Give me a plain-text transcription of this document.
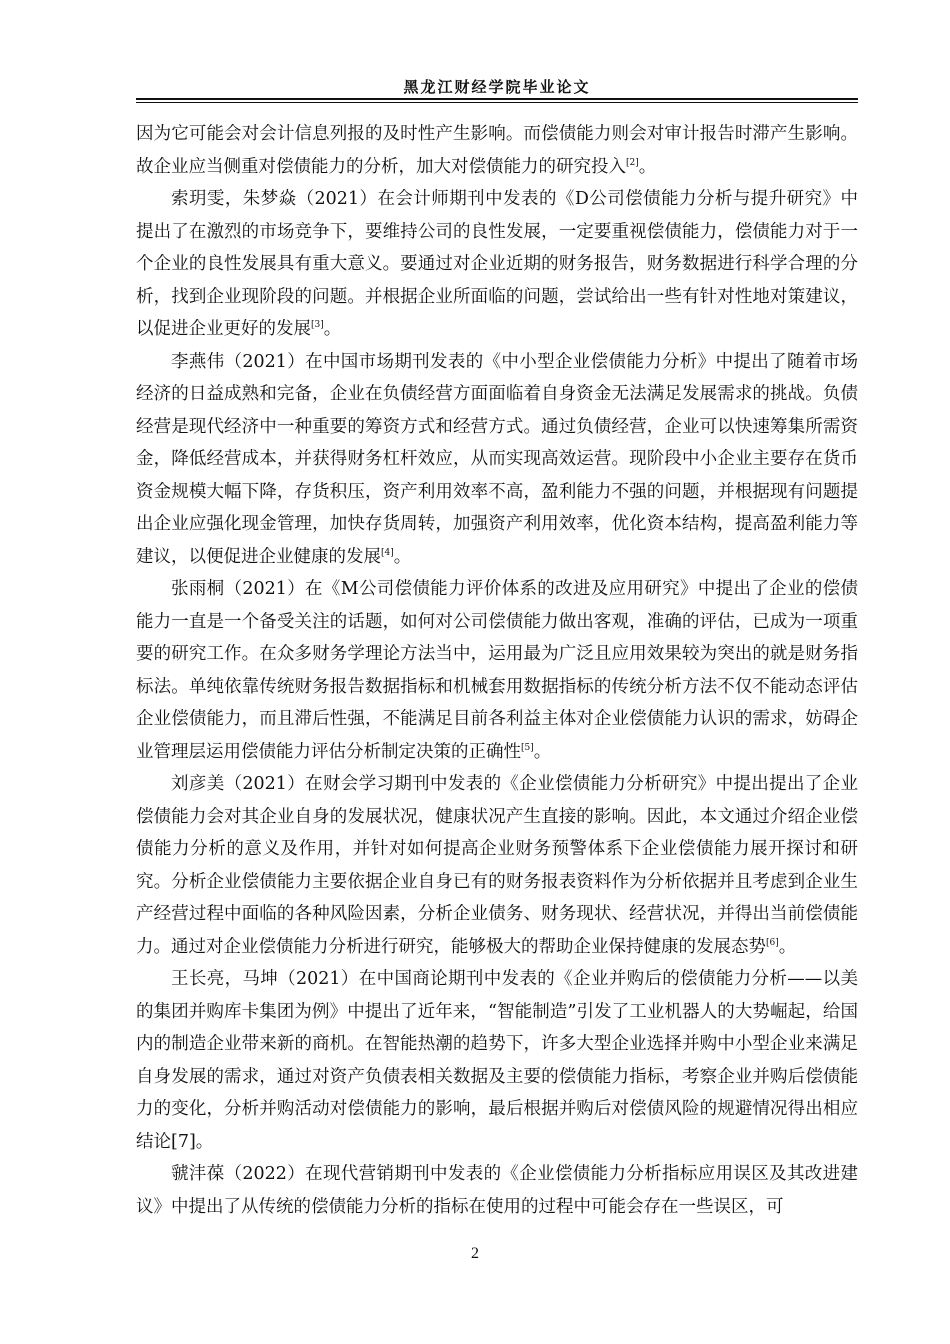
黑龙江财经学院毕业论文

因为它可能会对会计信息列报的及时性产生影响。而偿债能力则会对审计报告时滞产生影响。故企业应当侧重对偿债能力的分析，加大对偿债能力的研究投入[2]。

索玥雯，朱梦焱（2021）在会计师期刊中发表的《D公司偿债能力分析与提升研究》中提出了在激烈的市场竞争下，要维持公司的良性发展，一定要重视偿债能力，偿债能力对于一个企业的良性发展具有重大意义。要通过对企业近期的财务报告，财务数据进行科学合理的分析，找到企业现阶段的问题。并根据企业所面临的问题，尝试给出一些有针对性地对策建议，以促进企业更好的发展[3]。

李燕伟（2021）在中国市场期刊发表的《中小型企业偿债能力分析》中提出了随着市场经济的日益成熟和完备，企业在负债经营方面面临着自身资金无法满足发展需求的挑战。负债经营是现代经济中一种重要的筹资方式和经营方式。通过负债经营，企业可以快速筹集所需资金，降低经营成本，并获得财务杠杆效应，从而实现高效运营。现阶段中小企业主要存在货币资金规模大幅下降，存货积压，资产利用效率不高，盈利能力不强的问题，并根据现有问题提出企业应强化现金管理，加快存货周转，加强资产利用效率，优化资本结构，提高盈利能力等建议，以便促进企业健康的发展[4]。

张雨桐（2021）在《M公司偿债能力评价体系的改进及应用研究》中提出了企业的偿债能力一直是一个备受关注的话题，如何对公司偿债能力做出客观，准确的评估，已成为一项重要的研究工作。在众多财务学理论方法当中，运用最为广泛且应用效果较为突出的就是财务指标法。单纯依靠传统财务报告数据指标和机械套用数据指标的传统分析方法不仅不能动态评估企业偿债能力，而且滞后性强，不能满足目前各利益主体对企业偿债能力认识的需求，妨碍企业管理层运用偿债能力评估分析制定决策的正确性[5]。

刘彦美（2021）在财会学习期刊中发表的《企业偿债能力分析研究》中提出提出了企业偿债能力会对其企业自身的发展状况，健康状况产生直接的影响。因此，本文通过介绍企业偿债能力分析的意义及作用，并针对如何提高企业财务预警体系下企业偿债能力展开探讨和研究。分析企业偿债能力主要依据企业自身已有的财务报表资料作为分析依据并且考虑到企业生产经营过程中面临的各种风险因素，分析企业债务、财务现状、经营状况，并得出当前偿债能力。通过对企业偿债能力分析进行研究，能够极大的帮助企业保持健康的发展态势[6]。

王长亮，马坤（2021）在中国商论期刊中发表的《企业并购后的偿债能力分析——以美的集团并购库卡集团为例》中提出了近年来，“智能制造”引发了工业机器人的大势崛起，给国内的制造企业带来新的商机。在智能热潮的趋势下，许多大型企业选择并购中小型企业来满足自身发展的需求，通过对资产负债表相关数据及主要的偿债能力指标，考察企业并购后偿债能力的变化，分析并购活动对偿债能力的影响，最后根据并购后对偿债风险的规避情况得出相应结论[7]。

虢沣葆（2022）在现代营销期刊中发表的《企业偿债能力分析指标应用误区及其改进建议》中提出了从传统的偿债能力分析的指标在使用的过程中可能会存在一些误区，可

2
